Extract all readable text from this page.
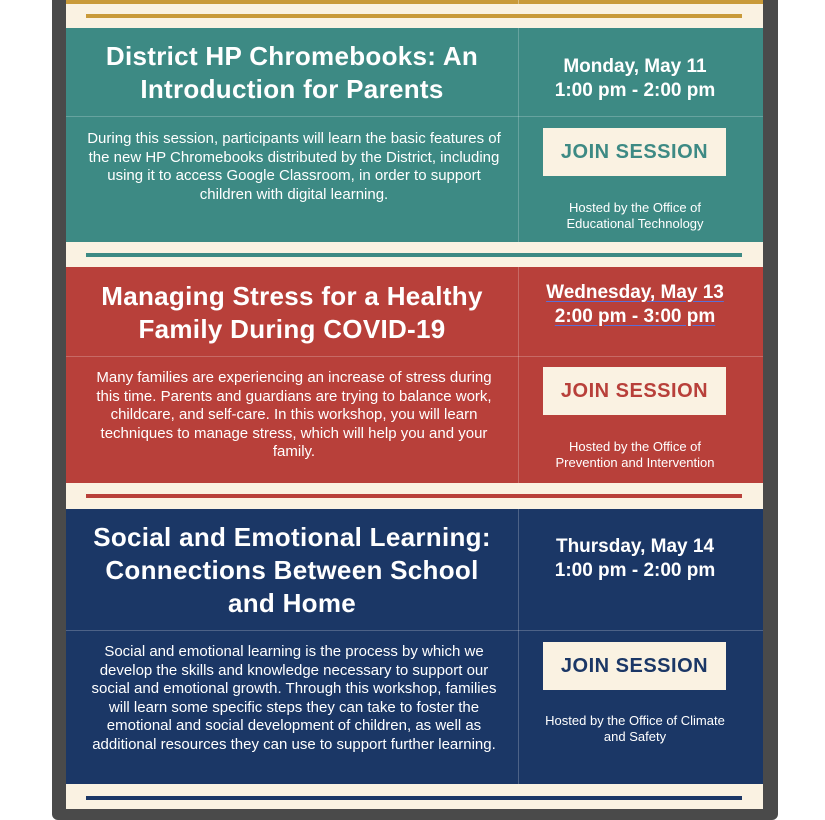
District HP Chromebooks: An
Introduction for Parents
Monday, May 11
1:00 pm - 2:00 pm
During this session, participants will learn the basic features of the new HP Chromebooks distributed by the District, including using it to access Google Classroom, in order to support children with digital learning.
JOIN SESSION
Hosted by the Office of
Educational Technology
Managing Stress for a Healthy
Family During COVID-19
Wednesday, May 13
2:00 pm - 3:00 pm
Many families are experiencing an increase of stress during this time. Parents and guardians are trying to balance work, childcare, and self-care. In this workshop, you will learn techniques to manage stress, which will help you and your family.
JOIN SESSION
Hosted by the Office of
Prevention and Intervention
Social and Emotional Learning:
Connections Between School
and Home
Thursday, May 14
1:00 pm - 2:00 pm
Social and emotional learning is the process by which we develop the skills and knowledge necessary to support our social and emotional growth. Through this workshop, families will learn some specific steps they can take to foster the emotional and social development of children, as well as additional resources they can use to support further learning.
JOIN SESSION
Hosted by the Office of Climate
and Safety
